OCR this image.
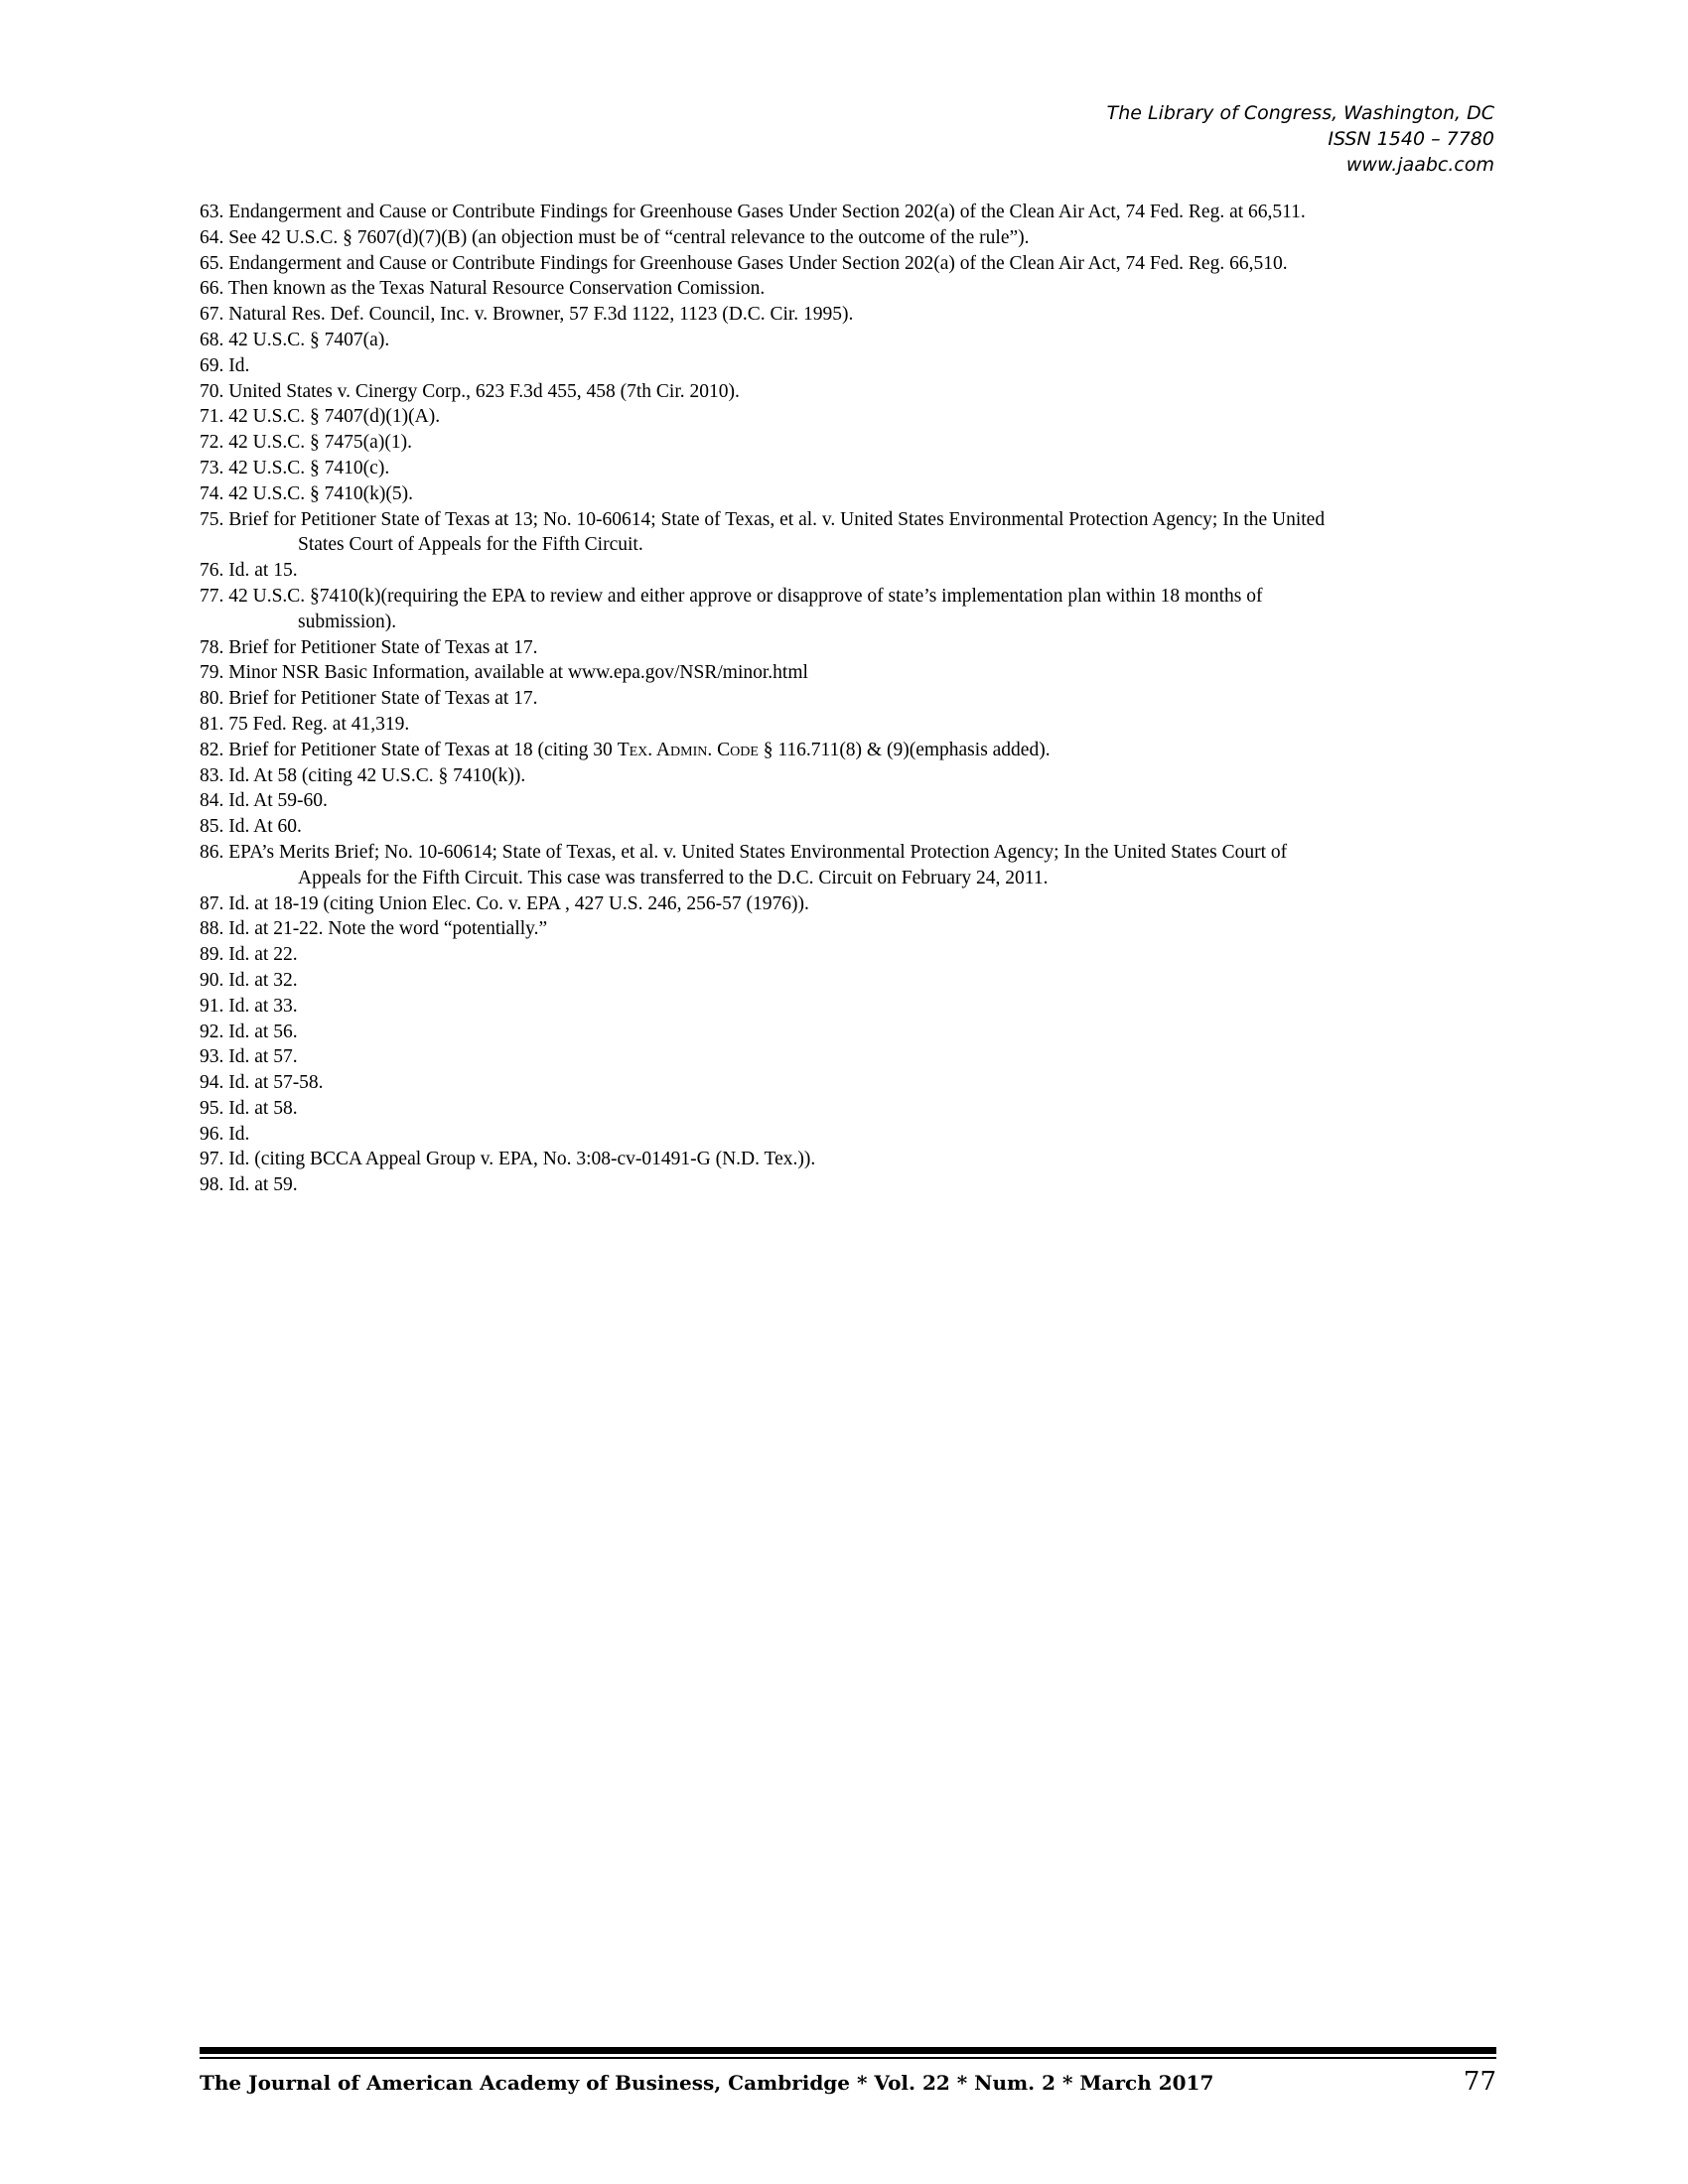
The Library of Congress, Washington, DC
ISSN 1540 – 7780
www.jaabc.com
63. Endangerment and Cause or Contribute Findings for Greenhouse Gases Under Section 202(a) of the Clean Air Act, 74 Fed. Reg. at 66,511.
64. See 42 U.S.C. § 7607(d)(7)(B) (an objection must be of “central relevance to the outcome of the rule”).
65. Endangerment and Cause or Contribute Findings for Greenhouse Gases Under Section 202(a) of the Clean Air Act, 74 Fed. Reg. 66,510.
66. Then known as the Texas Natural Resource Conservation Comission.
67. Natural Res. Def. Council, Inc. v. Browner, 57 F.3d 1122, 1123 (D.C. Cir. 1995).
68. 42 U.S.C. § 7407(a).
69. Id.
70. United States v. Cinergy Corp., 623 F.3d 455, 458 (7th Cir. 2010).
71. 42 U.S.C. § 7407(d)(1)(A).
72. 42 U.S.C. § 7475(a)(1).
73. 42 U.S.C. § 7410(c).
74. 42 U.S.C. § 7410(k)(5).
75. Brief for Petitioner State of Texas at 13; No. 10-60614; State of Texas, et al. v. United States Environmental Protection Agency; In the United
States Court of Appeals for the Fifth Circuit.
76. Id. at 15.
77. 42 U.S.C. §7410(k)(requiring the EPA to review and either approve or disapprove of state’s implementation plan within 18 months of
submission).
78. Brief for Petitioner State of Texas at 17.
79. Minor NSR Basic Information, available at www.epa.gov/NSR/minor.html
80. Brief for Petitioner State of Texas at 17.
81. 75 Fed. Reg. at 41,319.
82. Brief for Petitioner State of Texas at 18 (citing 30 Tex. Admin. Code § 116.711(8) & (9)(emphasis added).
83. Id. At 58 (citing 42 U.S.C. § 7410(k)).
84. Id. At 59-60.
85. Id. At 60.
86. EPA’s Merits Brief; No. 10-60614; State of Texas, et al. v. United States Environmental Protection Agency; In the United States Court of
Appeals for the Fifth Circuit. This case was transferred to the D.C. Circuit on February 24, 2011.
87. Id. at 18-19 (citing Union Elec. Co. v. EPA , 427 U.S. 246, 256-57 (1976)).
88. Id. at 21-22. Note the word “potentially.”
89. Id. at 22.
90. Id. at 32.
91. Id. at 33.
92. Id. at 56.
93. Id. at 57.
94. Id. at 57-58.
95. Id. at 58.
96. Id.
97. Id. (citing BCCA Appeal Group v. EPA, No. 3:08-cv-01491-G (N.D. Tex.)).
98. Id. at 59.
The Journal of American Academy of Business, Cambridge * Vol. 22 * Num. 2 * March 2017	77
